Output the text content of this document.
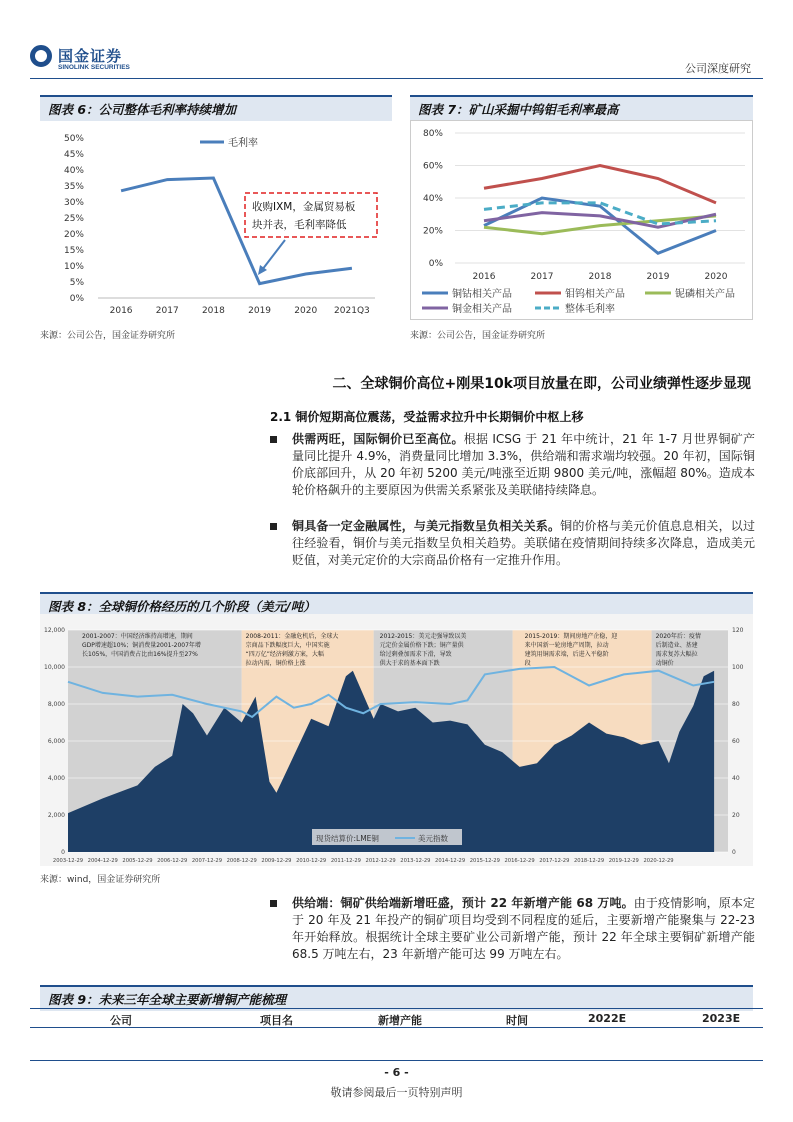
国金证券
SINOLINK SECURITIES	公司深度研究
图表 6：公司整体毛利率持续增加
0%
5%
10%
15%
20%
25%
30%
35%
40%
45%
50%
2016	2017	2018	2019	2020 2021Q3
毛利率
收购IXM，金属贸易板
块并表，毛利率降低
来源：公司公告，国金证券研究所
图表 7：矿山采掘中钨钼毛利率最高
0%
20%
40%
60%
80%
2016	2017	2018	2019	2020
铜钴相关产品	钼钨相关产品	铌磷相关产品
铜金相关产品	整体毛利率
来源：公司公告，国金证券研究所
二、全球铜价高位+刚果10k项目放量在即，公司业绩弹性逐步显现
2.1 铜价短期高位震荡，受益需求拉升中长期铜价中枢上移
供需两旺，国际铜价已至高位。根据 ICSG 于 21 年中统计，21 年 1-7 月世界铜矿产量同比提升 4.9%，消费量同比增加 3.3%，供给端和需求端均较强。20 年初，国际铜价底部回升，从 20 年初 5200 美元/吨涨至近期 9800 美元/吨，涨幅超 80%。造成本轮价格飙升的主要原因为供需关系紧张及美联储持续降息。
铜具备一定金融属性，与美元指数呈负相关关系。铜的价格与美元价值息息相关，以过往经验看，铜价与美元指数呈负相关趋势。美联储在疫情期间持续多次降息，造成美元贬值，对美元定价的大宗商品价格有一定推升作用。
图表 8：全球铜价格经历的几个阶段（美元/吨）
0
2,000
4,000
6,000
8,000
10,000
12,000
0
20
40
60
80
100
120
2003-12-29 2004-12-29 2005-12-29 2006-12-29 2007-12-29 2008-12-29 2009-12-29 2010-12-29 2011-12-29 2012-12-29 2013-12-29 2014-12-29 2015-12-29 2016-12-29 2017-12-29 2018-12-29 2019-12-29 2020-12-29
2001-2007：中国经济维持高增速，期间
GDP增速超10%；铜消费量2001-2007年增
长105%，中国消费占比由16%提升至27%
2008-2011：金融危机后，全球大
宗商品下跌幅度巨大，中国实施
“四万亿”经济刺激方案，大幅
拉动内需，铜价格上涨
2012-2015：美元走强导致以美
元定价金属价格下跌；铜产量供
给过剩叠加需求下滑，导致
供大于求的基本面下跌
2015-2019：期间房地产企稳，迎
来中国新一轮房地产周期，拉动
建筑用铜需求端，后进入平稳阶
段
2020年后：疫情
后制造业、基建
需求复苏大幅拉
动铜价
现货结算价:LME铜	美元指数
来源：wind，国金证券研究所
供给端：铜矿供给端新增旺盛，预计 22 年新增产能 68 万吨。由于疫情影响，原本定于 20 年及 21 年投产的铜矿项目均受到不同程度的延后，主要新增产能聚集与 22-23 年开始释放。根据统计全球主要矿业公司新增产能，预计 22 年全球主要铜矿新增产能 68.5 万吨左右，23 年新增产能可达 99 万吨左右。
图表 9：未来三年全球主要新增铜产能梳理
公司	项目名	新增产能	时间	2022E	2023E
- 6 -
敬请参阅最后一页特别声明
